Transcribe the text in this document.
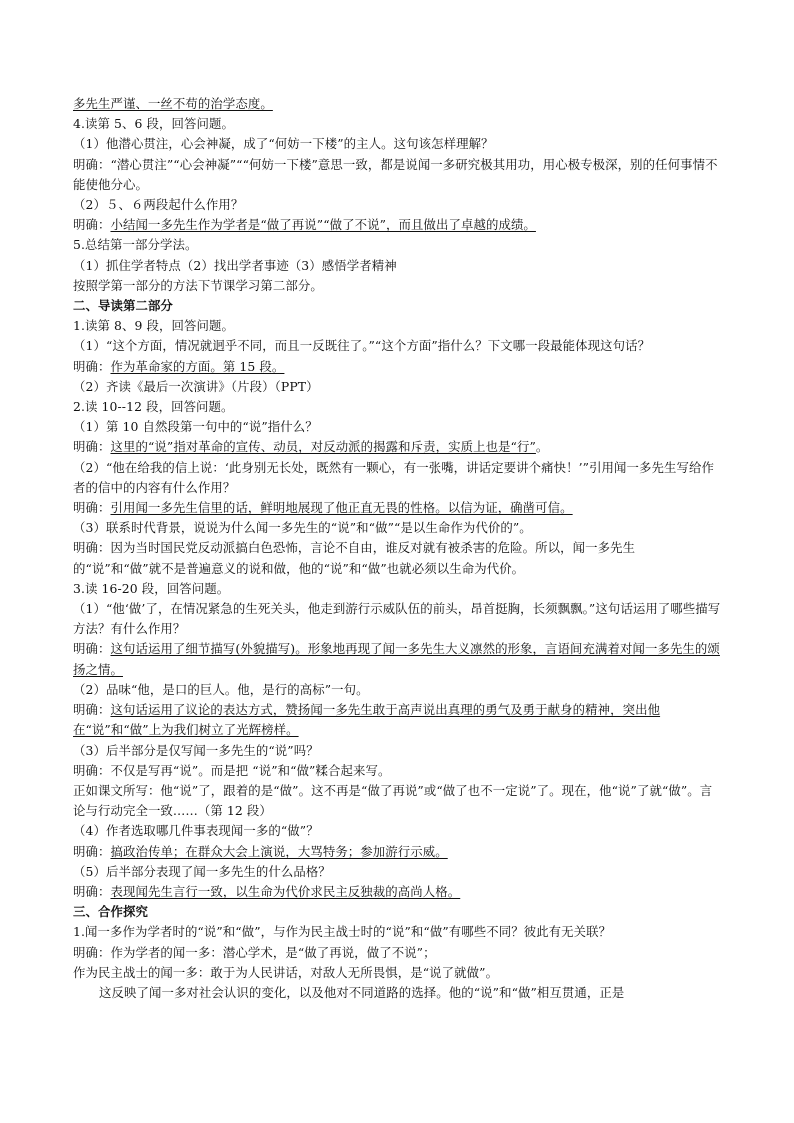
多先生严谨、一丝不苟的治学态度。
4.读第 5、6 段，回答问题。
（1）他潜心贯注，心会神凝，成了“何妨一下楼”的主人。这句该怎样理解？
明确：“潜心贯注”“心会神凝”““何妨一下楼”意思一致，都是说闻一多研究极其用功，用心极专极深，别的任何事情不能使他分心。
（2）５、６两段起什么作用？
明确：小结闻一多先生作为学者是“做了再说”“做了不说”，而且做出了卓越的成绩。
5.总结第一部分学法。
（1）抓住学者特点（2）找出学者事迹（3）感悟学者精神
按照学第一部分的方法下节课学习第二部分。
二、导读第二部分
1.读第 8、9 段，回答问题。
（1）“这个方面，情况就迥乎不同，而且一反既往了。”“这个方面”指什么？下文哪一段最能体现这句话？
明确：作为革命家的方面。第 15 段。
（2）齐读《最后一次演讲》（片段）（PPT）
2.读 10--12 段，回答问题。
（1）第 10 自然段第一句中的“说”指什么？
明确：这里的“说”指对革命的宣传、动员，对反动派的揭露和斥责，实质上也是“行”。
（2）“他在给我的信上说：‘此身别无长处，既然有一颗心，有一张嘴，讲话定要讲个痛快！’”引用闻一多先生写给作者的信中的内容有什么作用？
明确：引用闻一多先生信里的话，鲜明地展现了他正直无畏的性格。以信为证，确凿可信。
（3）联系时代背景，说说为什么闻一多先生的“说”和“做”“是以生命作为代价的”。
明确：因为当时国民党反动派搞白色恐怖，言论不自由，谁反对就有被杀害的危险。所以，闻一多先生的“说”和“做”就不是普遍意义的说和做，他的“说”和“做”也就必须以生命为代价。
3.读 16-20 段，回答问题。
（1）“他‘做’了，在情况紧急的生死关头，他走到游行示威队伍的前头，昂首挺胸，长须飘飘。”这句话运用了哪些描写方法？有什么作用？
明确：这句话运用了细节描写(外貌描写)。形象地再现了闻一多先生大义凛然的形象，言语间充满着对闻一多先生的颂扬之情。
（2）品味“他，是口的巨人。他，是行的高标”一句。
明确：这句话运用了议论的表达方式，赞扬闻一多先生敢于高声说出真理的勇气及勇于献身的精神，突出他在“说”和“做”上为我们树立了光辉榜样。
（3）后半部分是仅写闻一多先生的“说”吗？
明确：不仅是写再“说”。而是把 “说”和“做”糅合起来写。
正如课文所写：他“说”了，跟着的是“做”。这不再是“做了再说”或“做了也不一定说”了。现在，他“说”了就“做”。言论与行动完全一致……（第 12 段）
（4）作者选取哪几件事表现闻一多的“做”？
明确：搞政治传单；在群众大会上演说，大骂特务；参加游行示威。
（5）后半部分表现了闻一多先生的什么品格？
明确：表现闻先生言行一致，以生命为代价求民主反独裁的高尚人格。
三、合作探究
1.闻一多作为学者时的“说”和“做”，与作为民主战士时的“说”和“做”有哪些不同？彼此有无关联？
明确：作为学者的闻一多：潜心学术，是“做了再说，做了不说”；
作为民主战士的闻一多：敢于为人民讲话，对敌人无所畏惧，是“说了就做”。
这反映了闻一多对社会认识的变化，以及他对不同道路的选择。他的“说”和“做”相互贯通，正是
